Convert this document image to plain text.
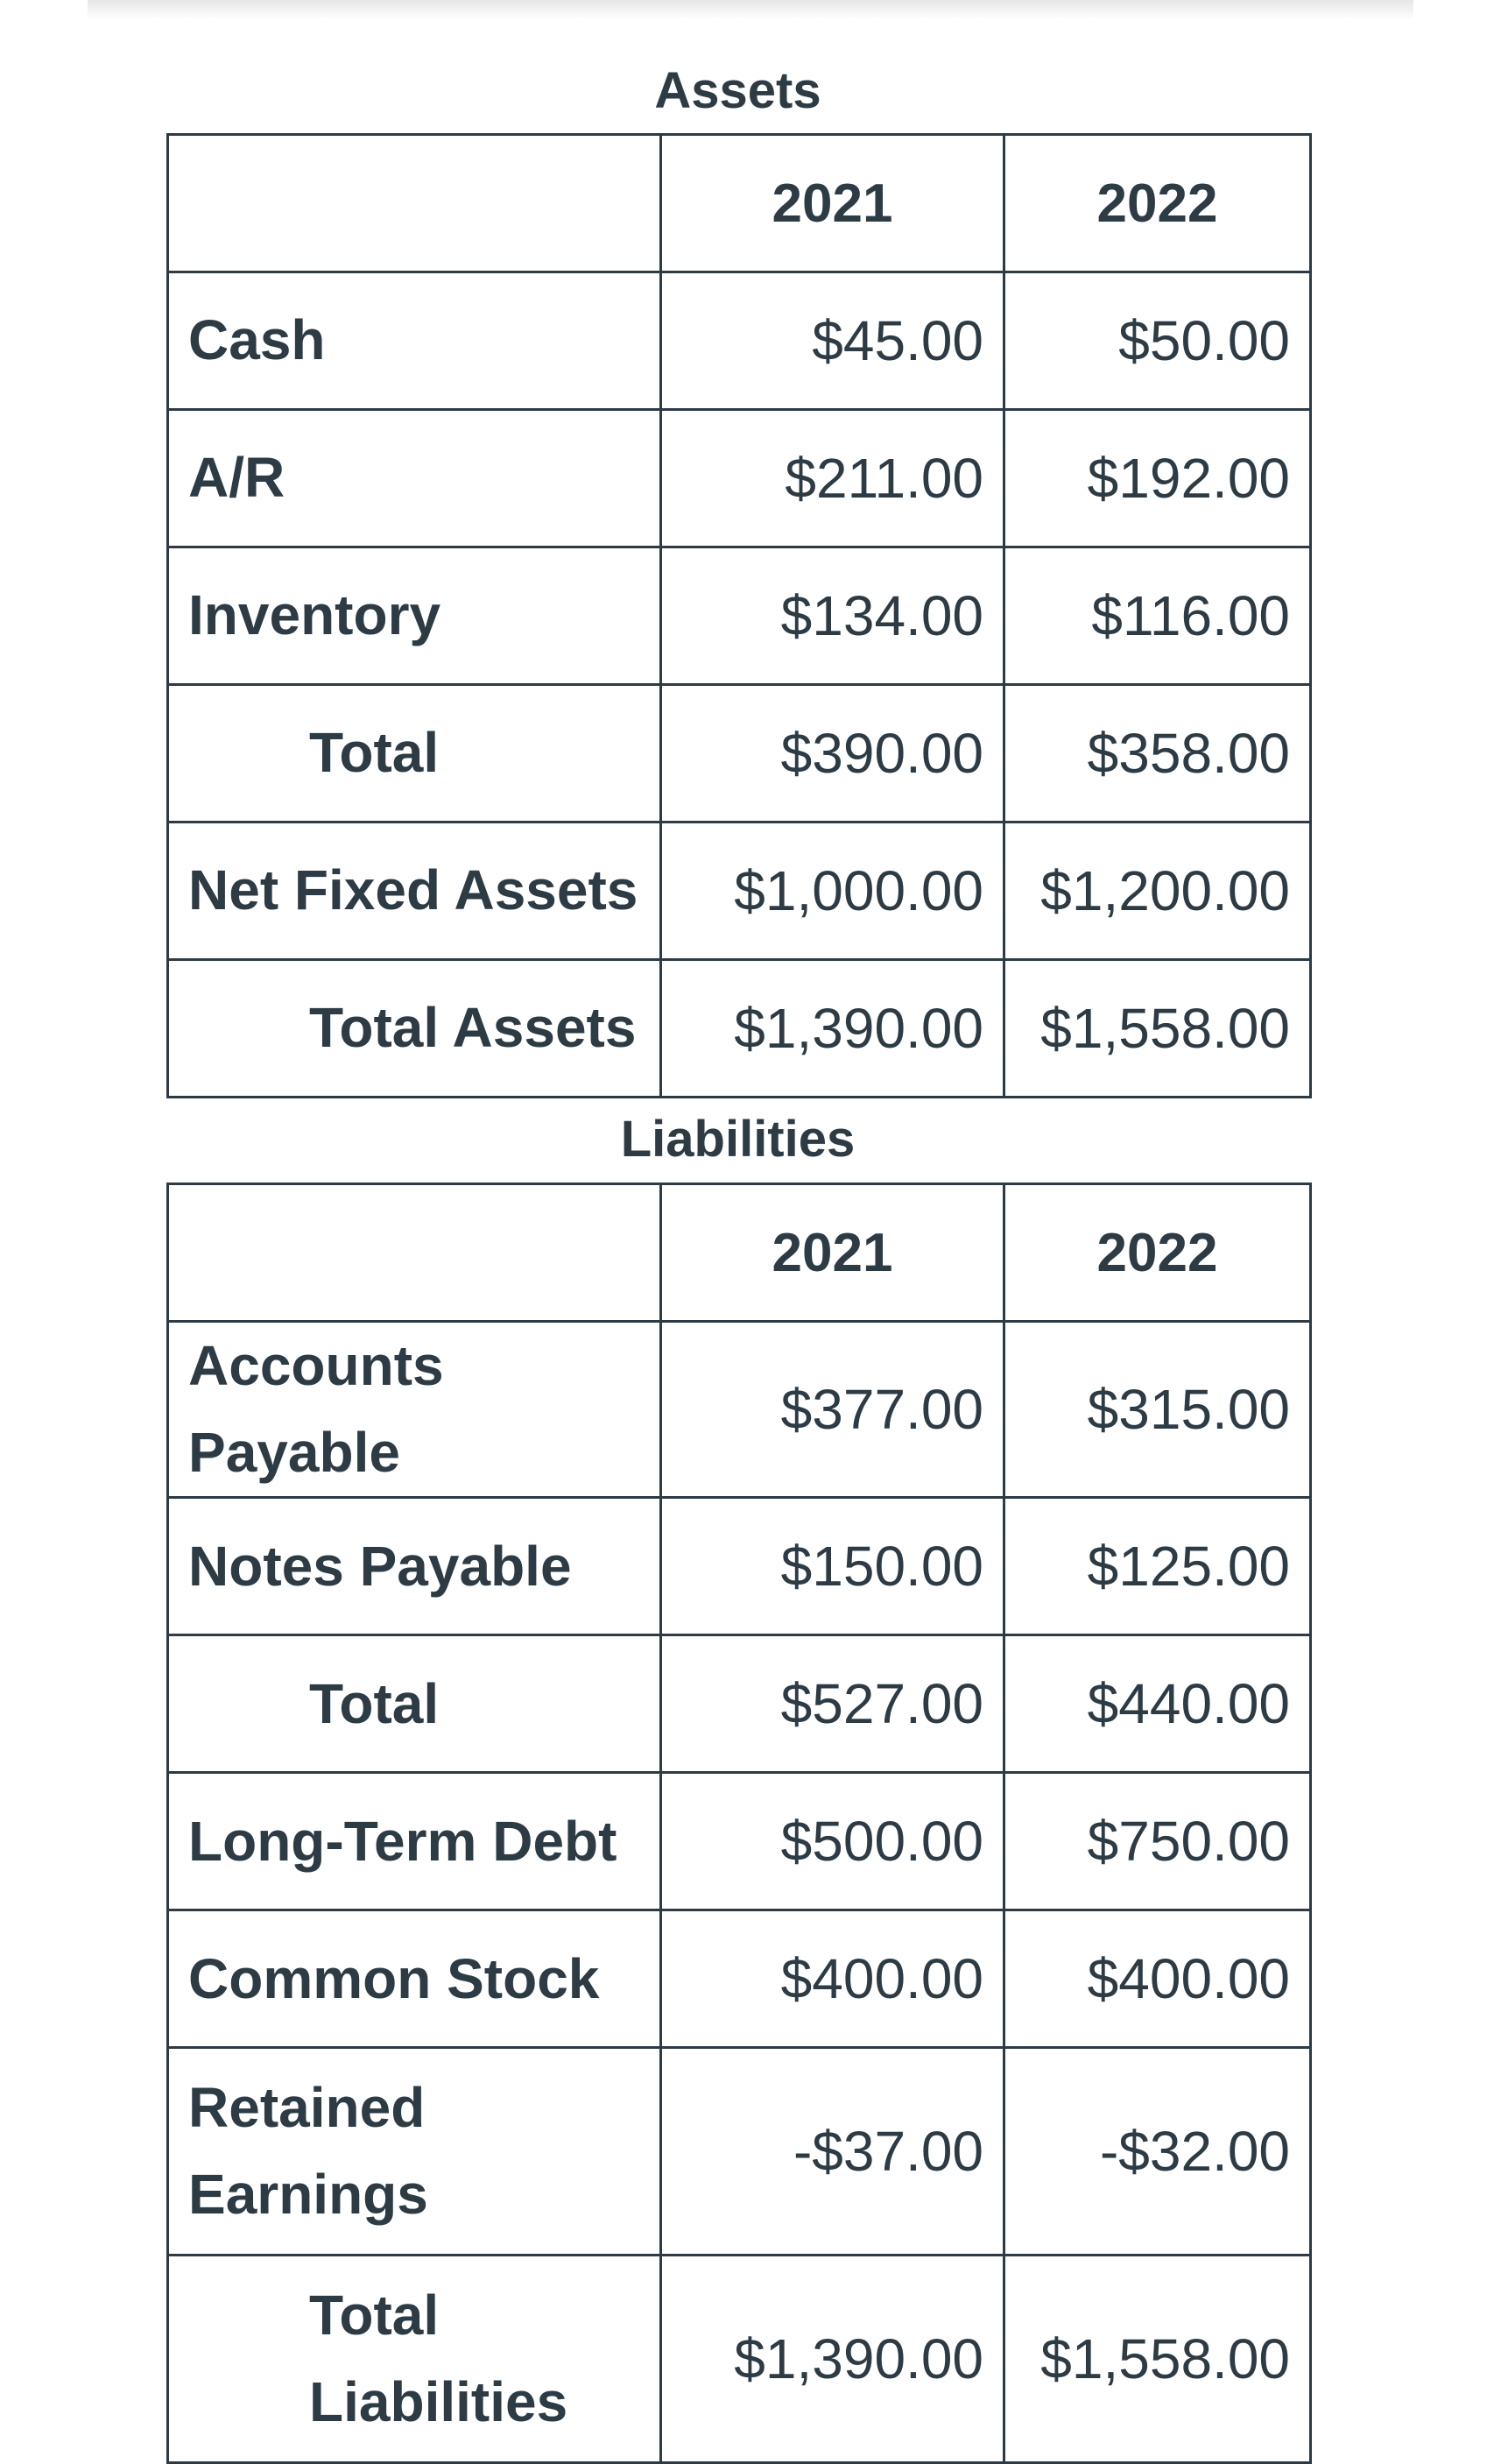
Assets
	2021	2022
Cash	$45.00	$50.00
A/R	$211.00	$192.00
Inventory	$134.00	$116.00
Total	$390.00	$358.00
Net Fixed Assets	$1,000.00	$1,200.00
Total Assets	$1,390.00	$1,558.00
Liabilities
	2021	2022
Accounts Payable	$377.00	$315.00
Notes Payable	$150.00	$125.00
Total	$527.00	$440.00
Long-Term Debt	$500.00	$750.00
Common Stock	$400.00	$400.00
Retained Earnings	-$37.00	-$32.00
Total Liabilities	$1,390.00	$1,558.00
